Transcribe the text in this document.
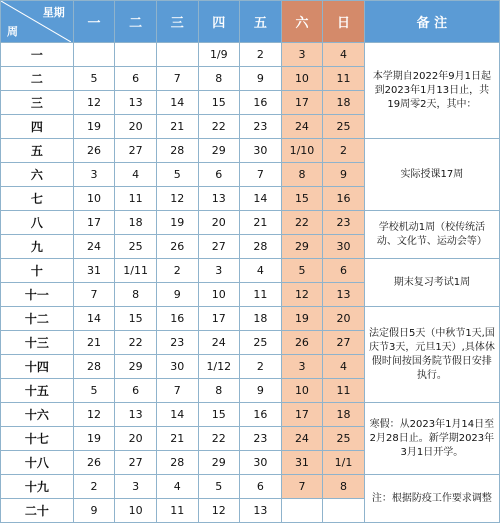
星期
周	一	二	三	四	五	六	日	备 注
一				1/9	2	3	4	本学期自2022年9月1日起到2023年1月13日止，共19周零2天，其中：
二	5	6	7	8	9	10	11	
三	12	13	14	15	16	17	18	
四	19	20	21	22	23	24	25	
五	26	27	28	29	30	1/10	2	实际授课17周
六	3	4	5	6	7	8	9	
七	10	11	12	13	14	15	16	
八	17	18	19	20	21	22	23	学校机动1周（校传统活动、文化节、运动会等）
九	24	25	26	27	28	29	30	
十	31	1/11	2	3	4	5	6	期末复习考试1周
十一	7	8	9	10	11	12	13	
十二	14	15	16	17	18	19	20	法定假日5天（中秋节1天,国庆节3天，元旦1天）,具体休假时间按国务院节假日安排执行。
十三	21	22	23	24	25	26	27	
十四	28	29	30	1/12	2	3	4	
十五	5	6	7	8	9	10	11	
十六	12	13	14	15	16	17	18	寒假：从2023年1月14日至2月28日止。新学期2023年3月1日开学。
十七	19	20	21	22	23	24	25	
十八	26	27	28	29	30	31	1/1	
十九	2	3	4	5	6	7	8	注：根据防疫工作要求调整
二十	9	10	11	12	13			
